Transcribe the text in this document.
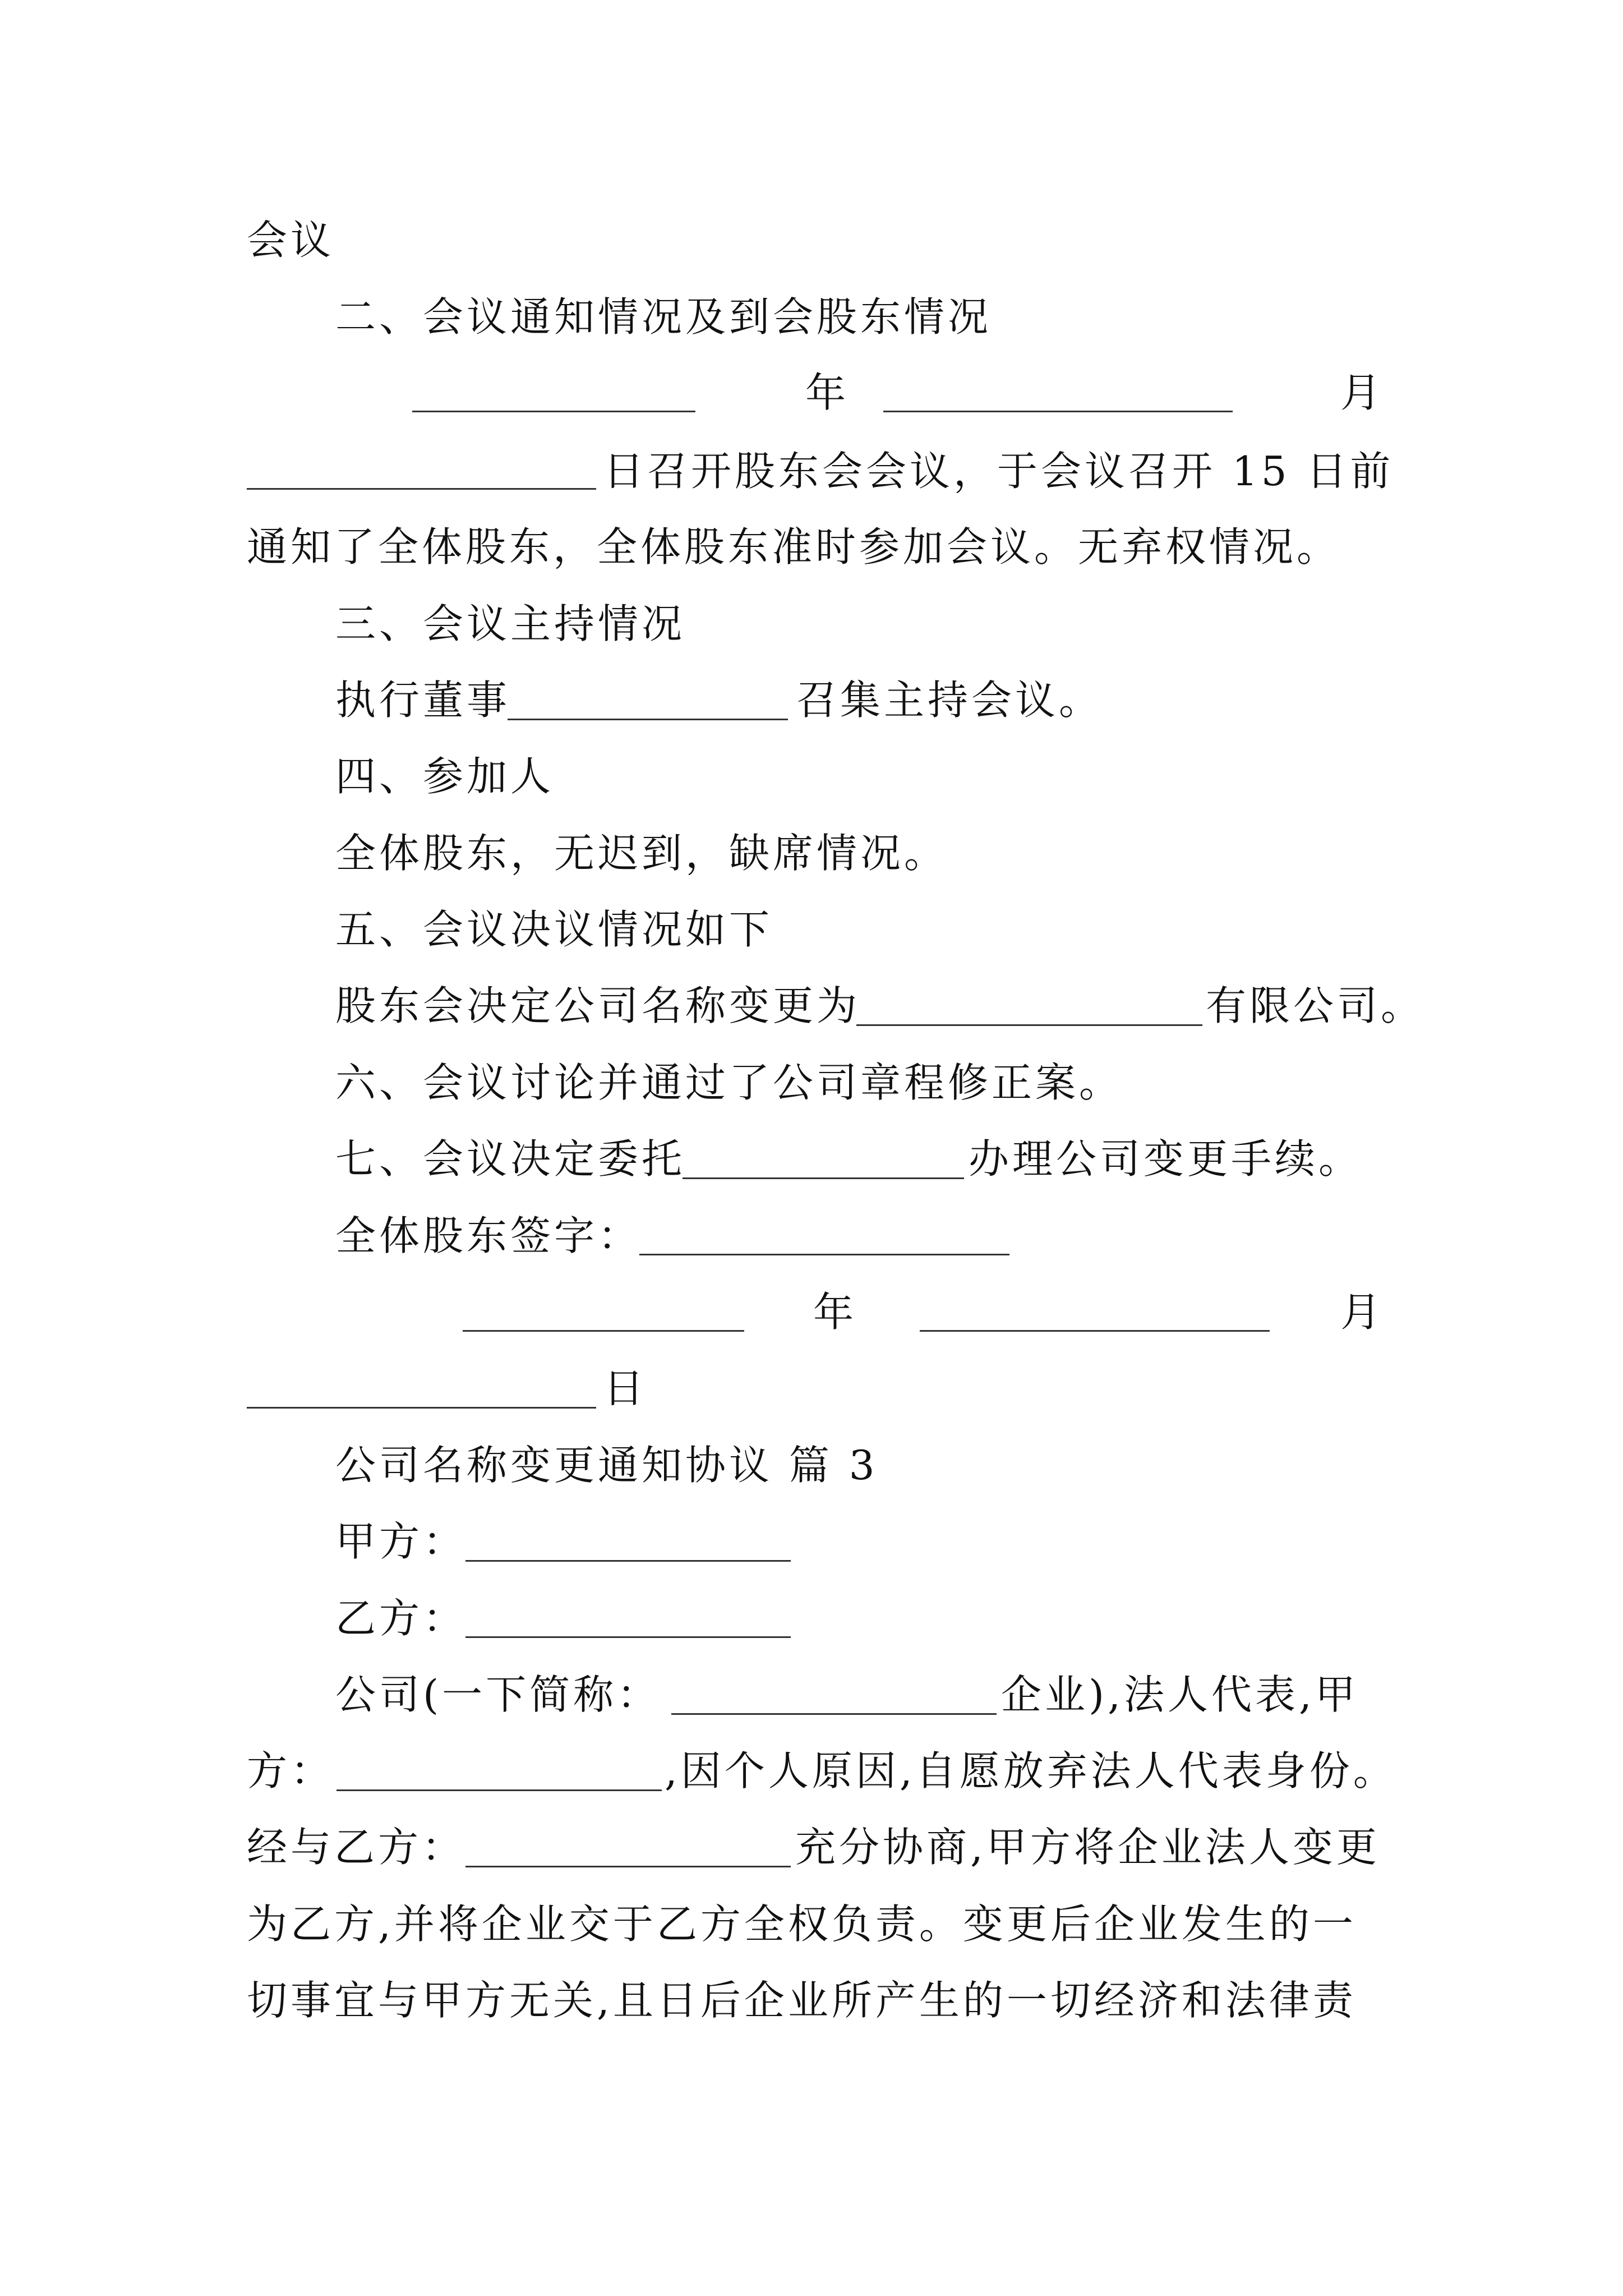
会议
二、会议通知情况及到会股东情况
年	月
日召开股东会会议，于会议召开 15 日前
通知了全体股东，全体股东准时参加会议。无弃权情况。
三、会议主持情况
执行董事	召集主持会议。
四、参加人
全体股东，无迟到，缺席情况。
五、会议决议情况如下
股东会决定公司名称变更为	有限公司。
六、会议讨论并通过了公司章程修正案。
七、会议决定委托	办理公司变更手续。
全体股东签字：
年	月
日
公司名称变更通知协议 篇 3
甲方：
乙方：
公司(一下简称：	企业),法人代表,甲
方：	,因个人原因,自愿放弃法人代表身份。
经与乙方：	充分协商,甲方将企业法人变更
为乙方,并将企业交于乙方全权负责。变更后企业发生的一
切事宜与甲方无关,且日后企业所产生的一切经济和法律责
